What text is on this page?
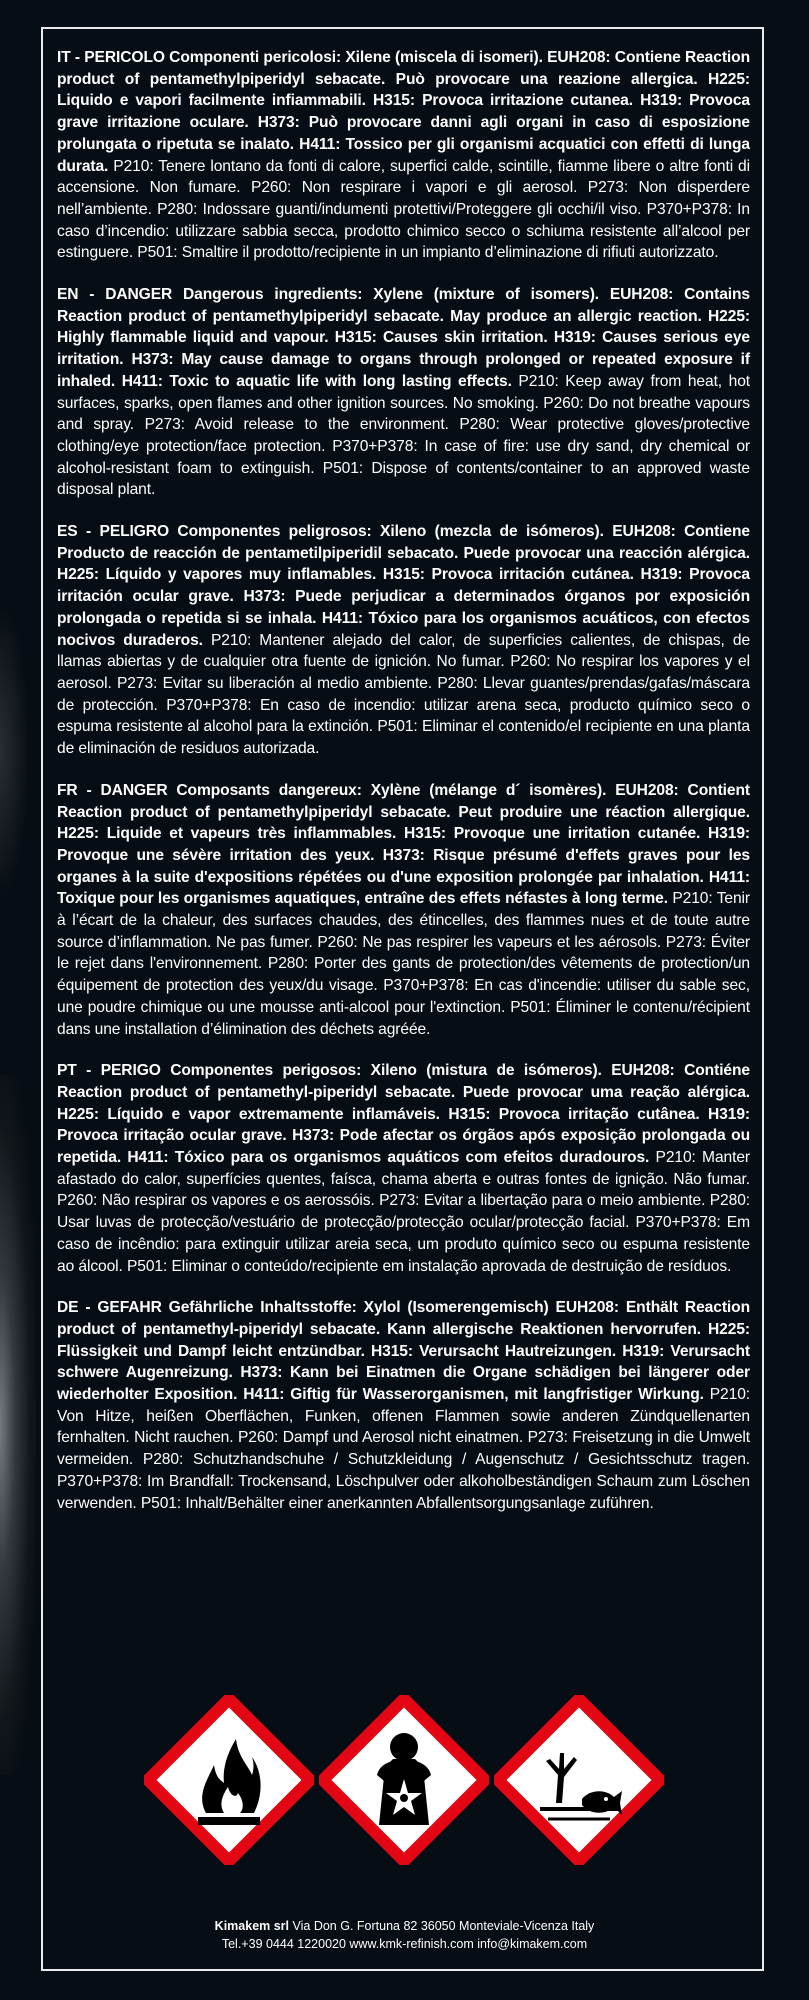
IT - PERICOLO Componenti pericolosi: Xilene (miscela di isomeri). EUH208: Contiene Reaction product of pentamethylpiperidyl sebacate. Può provocare una reazione allergica. H225: Liquido e vapori facilmente infiammabili. H315: Provoca irritazione cutanea. H319: Provoca grave irritazione oculare. H373: Può provocare danni agli organi in caso di esposizione prolungata o ripetuta se inalato. H411: Tossico per gli organismi acquatici con effetti di lunga durata. P210: Tenere lontano da fonti di calore, superfici calde, scintille, fiamme libere o altre fonti di accensione. Non fumare. P260: Non respirare i vapori e gli aerosol. P273: Non disperdere nell’ambiente. P280: Indossare guanti/indumenti protettivi/Proteggere gli occhi/il viso. P370+P378: In caso d’incendio: utilizzare sabbia secca, prodotto chimico secco o schiuma resistente all’alcool per estinguere. P501: Smaltire il prodotto/recipiente in un impianto d’eliminazione di rifiuti autorizzato.

EN - DANGER Dangerous ingredients: Xylene (mixture of isomers). EUH208: Contains Reaction product of pentamethylpiperidyl sebacate. May produce an allergic reaction. H225: Highly flammable liquid and vapour. H315: Causes skin irritation. H319: Causes serious eye irritation. H373: May cause damage to organs through prolonged or repeated exposure if inhaled. H411: Toxic to aquatic life with long lasting effects. P210: Keep away from heat, hot surfaces, sparks, open flames and other ignition sources. No smoking. P260: Do not breathe vapours and spray. P273: Avoid release to the environment. P280: Wear protective gloves/protective clothing/eye protection/face protection. P370+P378: In case of fire: use dry sand, dry chemical or alcohol-resistant foam to extinguish. P501: Dispose of contents/container to an approved waste disposal plant.

ES - PELIGRO Componentes peligrosos: Xileno (mezcla de isómeros). EUH208: Contiene Producto de reacción de pentametilpiperidil sebacato. Puede provocar una reacción alérgica. H225: Líquido y vapores muy inflamables. H315: Provoca irritación cutánea. H319: Provoca irritación ocular grave. H373: Puede perjudicar a determinados órganos por exposición prolongada o repetida si se inhala. H411: Tóxico para los organismos acuáticos, con efectos nocivos duraderos. P210: Mantener alejado del calor, de superficies calientes, de chispas, de llamas abiertas y de cualquier otra fuente de ignición. No fumar. P260: No respirar los vapores y el aerosol. P273: Evitar su liberación al medio ambiente. P280: Llevar guantes/prendas/gafas/máscara de protección. P370+P378: En caso de incendio: utilizar arena seca, producto químico seco o espuma resistente al alcohol para la extinción. P501: Eliminar el contenido/el recipiente en una planta de eliminación de residuos autorizada.

FR - DANGER Composants dangereux: Xylène (mélange d´ isomères). EUH208: Contient Reaction product of pentamethylpiperidyl sebacate. Peut produire une réaction allergique. H225: Liquide et vapeurs très inflammables. H315: Provoque une irritation cutanée. H319: Provoque une sévère irritation des yeux. H373: Risque présumé d'effets graves pour les organes à la suite d'expositions répétées ou d'une exposition prolongée par inhalation. H411: Toxique pour les organismes aquatiques, entraîne des effets néfastes à long terme. P210: Tenir à l’écart de la chaleur, des surfaces chaudes, des étincelles, des flammes nues et de toute autre source d’inflammation. Ne pas fumer. P260: Ne pas respirer les vapeurs et les aérosols. P273: Éviter le rejet dans l'environnement. P280: Porter des gants de protection/des vêtements de protection/un équipement de protection des yeux/du visage. P370+P378: En cas d'incendie: utiliser du sable sec, une poudre chimique ou une mousse anti-alcool pour l'extinction. P501: Éliminer le contenu/récipient dans une installation d’élimination des déchets agréée.

PT - PERIGO Componentes perigosos: Xileno (mistura de isómeros). EUH208: Contiéne Reaction product of pentamethyl-piperidyl sebacate. Puede provocar uma reação alérgica. H225: Líquido e vapor extremamente inflamáveis. H315: Provoca irritação cutânea. H319: Provoca irritação ocular grave. H373: Pode afectar os órgãos após exposição prolongada ou repetida. H411: Tóxico para os organismos aquáticos com efeitos duradouros. P210: Manter afastado do calor, superfícies quentes, faísca, chama aberta e outras fontes de ignição. Não fumar. P260: Não respirar os vapores e os aerossóis. P273: Evitar a libertação para o meio ambiente. P280: Usar luvas de protecção/vestuário de protecção/protecção ocular/protecção facial. P370+P378: Em caso de incêndio: para extinguir utilizar areia seca, um produto químico seco ou espuma resistente ao álcool. P501: Eliminar o conteúdo/recipiente em instalação aprovada de destruição de resíduos.

DE - GEFAHR Gefährliche Inhaltsstoffe: Xylol (Isomerengemisch) EUH208: Enthält Reaction product of pentamethyl-piperidyl sebacate. Kann allergische Reaktionen hervorrufen. H225: Flüssigkeit und Dampf leicht entzündbar. H315: Verursacht Hautreizungen. H319: Verursacht schwere Augenreizung. H373: Kann bei Einatmen die Organe schädigen bei längerer oder wiederholter Exposition. H411: Giftig für Wasserorganismen, mit langfristiger Wirkung. P210: Von Hitze, heißen Oberflächen, Funken, offenen Flammen sowie anderen Zündquellenarten fernhalten. Nicht rauchen. P260: Dampf und Aerosol nicht einatmen. P273: Freisetzung in die Umwelt vermeiden. P280: Schutzhandschuhe / Schutzkleidung / Augenschutz / Gesichtsschutz tragen. P370+P378: Im Brandfall: Trockensand, Löschpulver oder alkoholbeständigen Schaum zum Löschen verwenden. P501: Inhalt/Behälter einer anerkannten Abfallentsorgungsanlage zuführen.

Kimakem srl Via Don G. Fortuna 82 36050 Monteviale-Vicenza Italy
Tel.+39 0444 1220020 www.kmk-refinish.com info@kimakem.com
